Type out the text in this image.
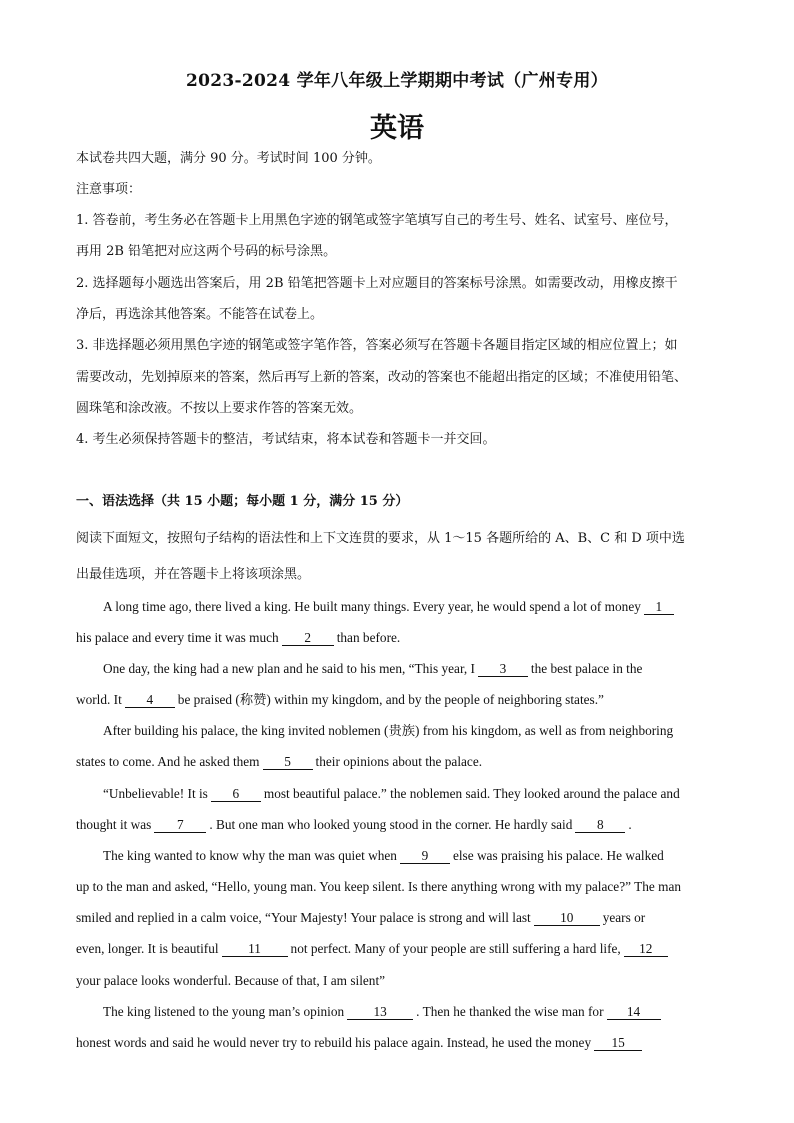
2023-2024 学年八年级上学期期中考试（广州专用）
英语
本试卷共四大题，满分 90 分。考试时间 100 分钟。
注意事项：
1. 答卷前，考生务必在答题卡上用黑色字迹的钢笔或签字笔填写自己的考生号、姓名、试室号、座位号，
再用 2B 铅笔把对应这两个号码的标号涂黑。
2. 选择题每小题选出答案后，用 2B 铅笔把答题卡上对应题目的答案标号涂黑。如需要改动，用橡皮擦干
净后，再选涂其他答案。不能答在试卷上。
3. 非选择题必须用黑色字迹的钢笔或签字笔作答，答案必须写在答题卡各题目指定区域的相应位置上；如
需要改动，先划掉原来的答案，然后再写上新的答案，改动的答案也不能超出指定的区域；不准使用铅笔、
圆珠笔和涂改液。不按以上要求作答的答案无效。
4. 考生必须保持答题卡的整洁，考试结束，将本试卷和答题卡一并交回。
一、语法选择（共 15 小题；每小题 1 分，满分 15 分）
阅读下面短文，按照句子结构的语法性和上下文连贯的要求，从 1～15 各题所给的 A、B、C 和 D 项中选
出最佳选项，并在答题卡上将该项涂黑。
A long time ago, there lived a king. He built many things. Every year, he would spend a lot of money 1
his palace and every time it was much 2 than before.
One day, the king had a new plan and he said to his men, “This year, I 3 the best palace in the
world. It 4 be praised (称赞) within my kingdom, and by the people of neighboring states.”
After building his palace, the king invited noblemen (贵族) from his kingdom, as well as from neighboring
states to come. And he asked them 5 their opinions about the palace.
“Unbelievable! It is 6 most beautiful palace.” the noblemen said. They looked around the palace and
thought it was 7 . But one man who looked young stood in the corner. He hardly said 8 .
The king wanted to know why the man was quiet when 9 else was praising his palace. He walked
up to the man and asked, “Hello, young man. You keep silent. Is there anything wrong with my palace?” The man
smiled and replied in a calm voice, “Your Majesty! Your palace is strong and will last 10 years or
even, longer. It is beautiful 11 not perfect. Many of your people are still suffering a hard life, 12
your palace looks wonderful. Because of that, I am silent”
The king listened to the young man’s opinion 13 . Then he thanked the wise man for 14
honest words and said he would never try to rebuild his palace again. Instead, he used the money 15
